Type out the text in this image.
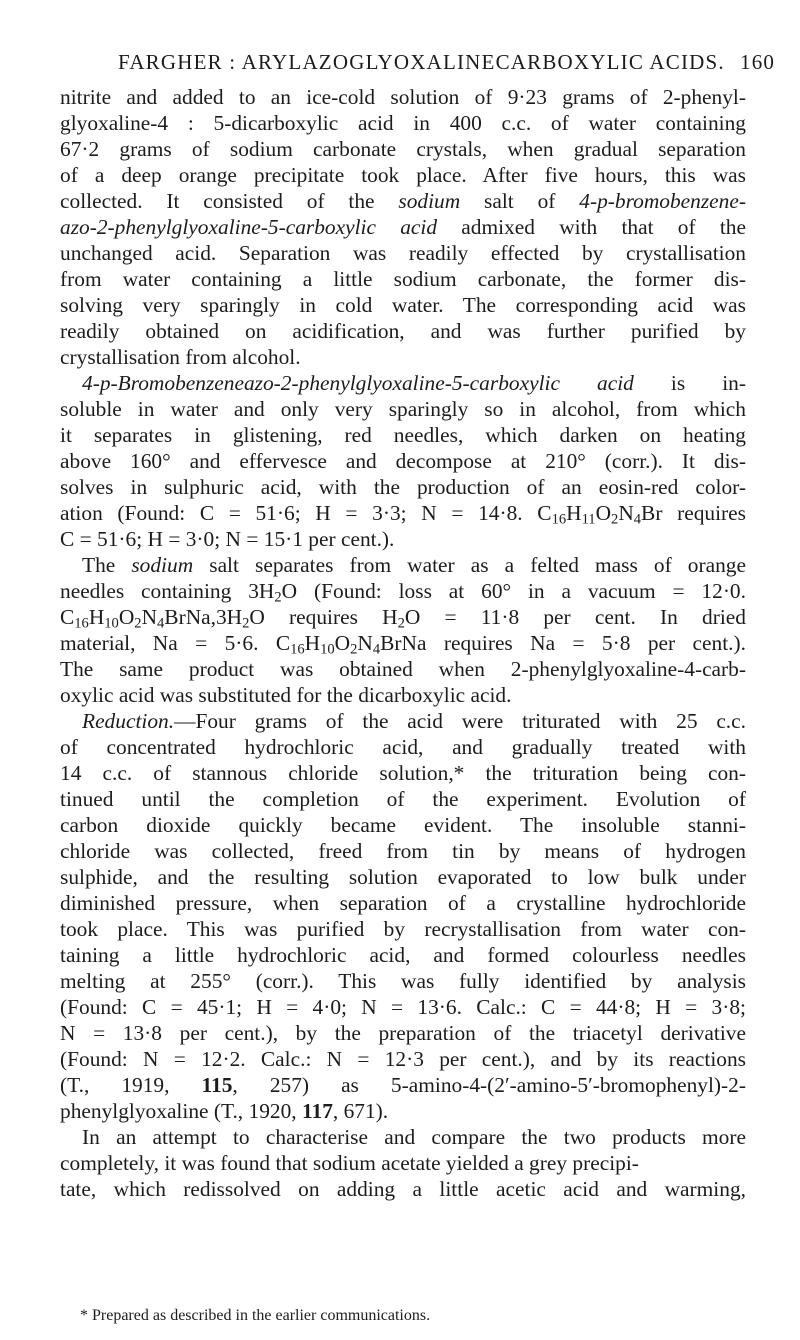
FARGHER : ARYLAZOGLYOXALINECARBOXYLIC ACIDS. 160
nitrite and added to an ice-cold solution of 9·23 grams of 2-phenyl-
glyoxaline-4 : 5-dicarboxylic acid in 400 c.c. of water containing
67·2 grams of sodium carbonate crystals, when gradual separation
of a deep orange precipitate took place. After five hours, this was
collected. It consisted of the sodium salt of 4-p-bromobenzene-
azo-2-phenylglyoxaline-5-carboxylic acid admixed with that of the
unchanged acid. Separation was readily effected by crystallisation
from water containing a little sodium carbonate, the former dis-
solving very sparingly in cold water. The corresponding acid was
readily obtained on acidification, and was further purified by
crystallisation from alcohol.
4-p-Bromobenzeneazo-2-phenylglyoxaline-5-carboxylic acid is in-
soluble in water and only very sparingly so in alcohol, from which
it separates in glistening, red needles, which darken on heating
above 160° and effervesce and decompose at 210° (corr.). It dis-
solves in sulphuric acid, with the production of an eosin-red color-
ation (Found: C = 51·6; H = 3·3; N = 14·8. $C_{16}H_{11}O_2N_4Br$ requires
C = 51·6; H = 3·0; N = 15·1 per cent.).
The sodium salt separates from water as a felted mass of orange
needles containing $3H_2O$ (Found: loss at 60° in a vacuum = 12·0.
$C_{16}H_{10}O_2N_4BrNa,3H_2O$ requires $H_2O = 11\cdot 8$ per cent. In dried
material, Na = 5·6. $C_{16}H_{10}O_2N_4BrNa$ requires Na = 5·8 per cent.).
The same product was obtained when 2-phenylglyoxaline-4-carb-
oxylic acid was substituted for the dicarboxylic acid.
Reduction.—Four grams of the acid were triturated with 25 c.c.
of concentrated hydrochloric acid, and gradually treated with
14 c.c. of stannous chloride solution,* the trituration being con-
tinued until the completion of the experiment. Evolution of
carbon dioxide quickly became evident. The insoluble stanni-
chloride was collected, freed from tin by means of hydrogen
sulphide, and the resulting solution evaporated to low bulk under
diminished pressure, when separation of a crystalline hydrochloride
took place. This was purified by recrystallisation from water con-
taining a little hydrochloric acid, and formed colourless needles
melting at 255° (corr.). This was fully identified by analysis
(Found: C = 45·1; H = 4·0; N = 13·6. Calc.: C = 44·8; H = 3·8;
N = 13·8 per cent.), by the preparation of the triacetyl derivative
(Found: N = 12·2. Calc.: N = 12·3 per cent.), and by its reactions
(T., 1919, 115, 257) as 5-amino-4-(2′-amino-5′-bromophenyl)-2-
phenylglyoxaline (T., 1920, 117, 671).
In an attempt to characterise and compare the two products more
completely, it was found that sodium acetate yielded a grey precipi-
tate, which redissolved on adding a little acetic acid and warming,
* Prepared as described in the earlier communications.
